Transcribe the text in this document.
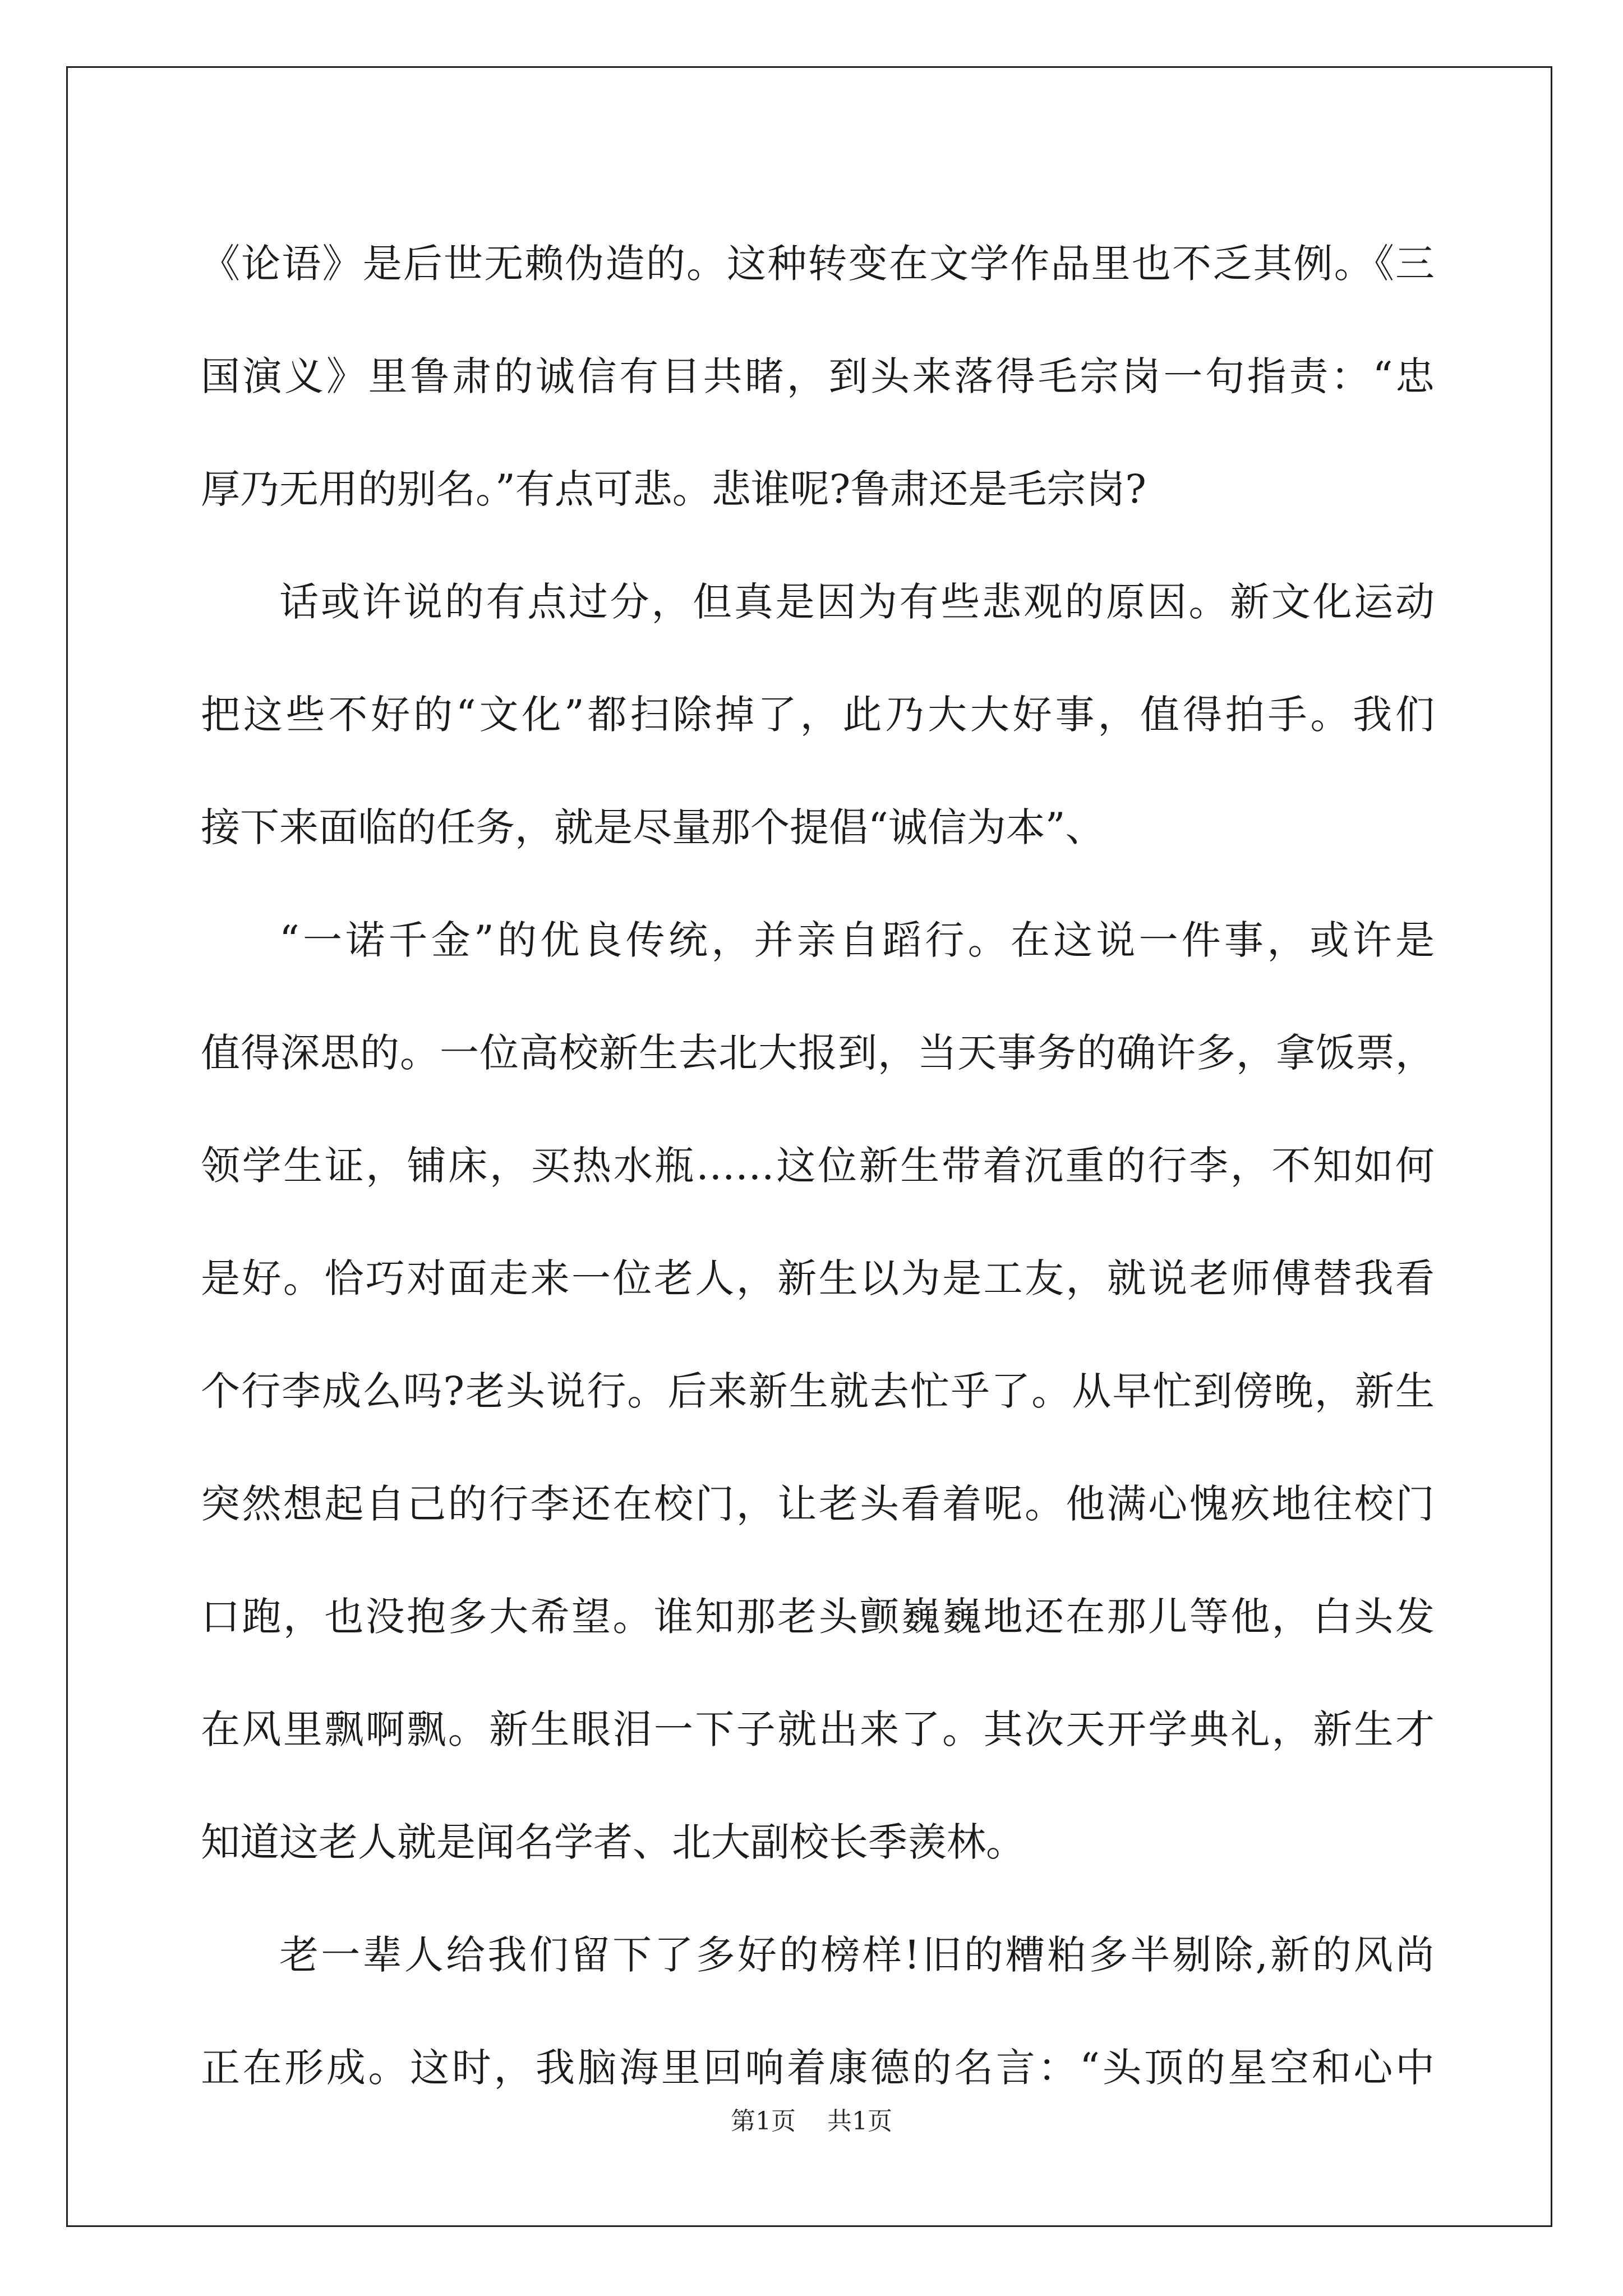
《论语》是后世无赖伪造的。这种转变在文学作品里也不乏其例。《三
国演义》里鲁肃的诚信有目共睹，到头来落得毛宗岗一句指责：“忠
厚乃无用的别名。”有点可悲。悲谁呢?鲁肃还是毛宗岗?
话或许说的有点过分，但真是因为有些悲观的原因。新文化运动
把这些不好的“文化”都扫除掉了，此乃大大好事，值得拍手。我们
接下来面临的任务，就是尽量那个提倡“诚信为本”、
“一诺千金”的优良传统，并亲自蹈行。在这说一件事，或许是
值得深思的。一位高校新生去北大报到，当天事务的确许多，拿饭票，
领学生证，铺床，买热水瓶……这位新生带着沉重的行李，不知如何
是好。恰巧对面走来一位老人，新生以为是工友，就说老师傅替我看
个行李成么吗?老头说行。后来新生就去忙乎了。从早忙到傍晚，新生
突然想起自己的行李还在校门，让老头看着呢。他满心愧疚地往校门
口跑，也没抱多大希望。谁知那老头颤巍巍地还在那儿等他，白头发
在风里飘啊飘。新生眼泪一下子就出来了。其次天开学典礼，新生才
知道这老人就是闻名学者、北大副校长季羡林。
老一辈人给我们留下了多好的榜样!旧的糟粕多半剔除,新的风尚
正在形成。这时，我脑海里回响着康德的名言：“头顶的星空和心中
第1页    共1页
